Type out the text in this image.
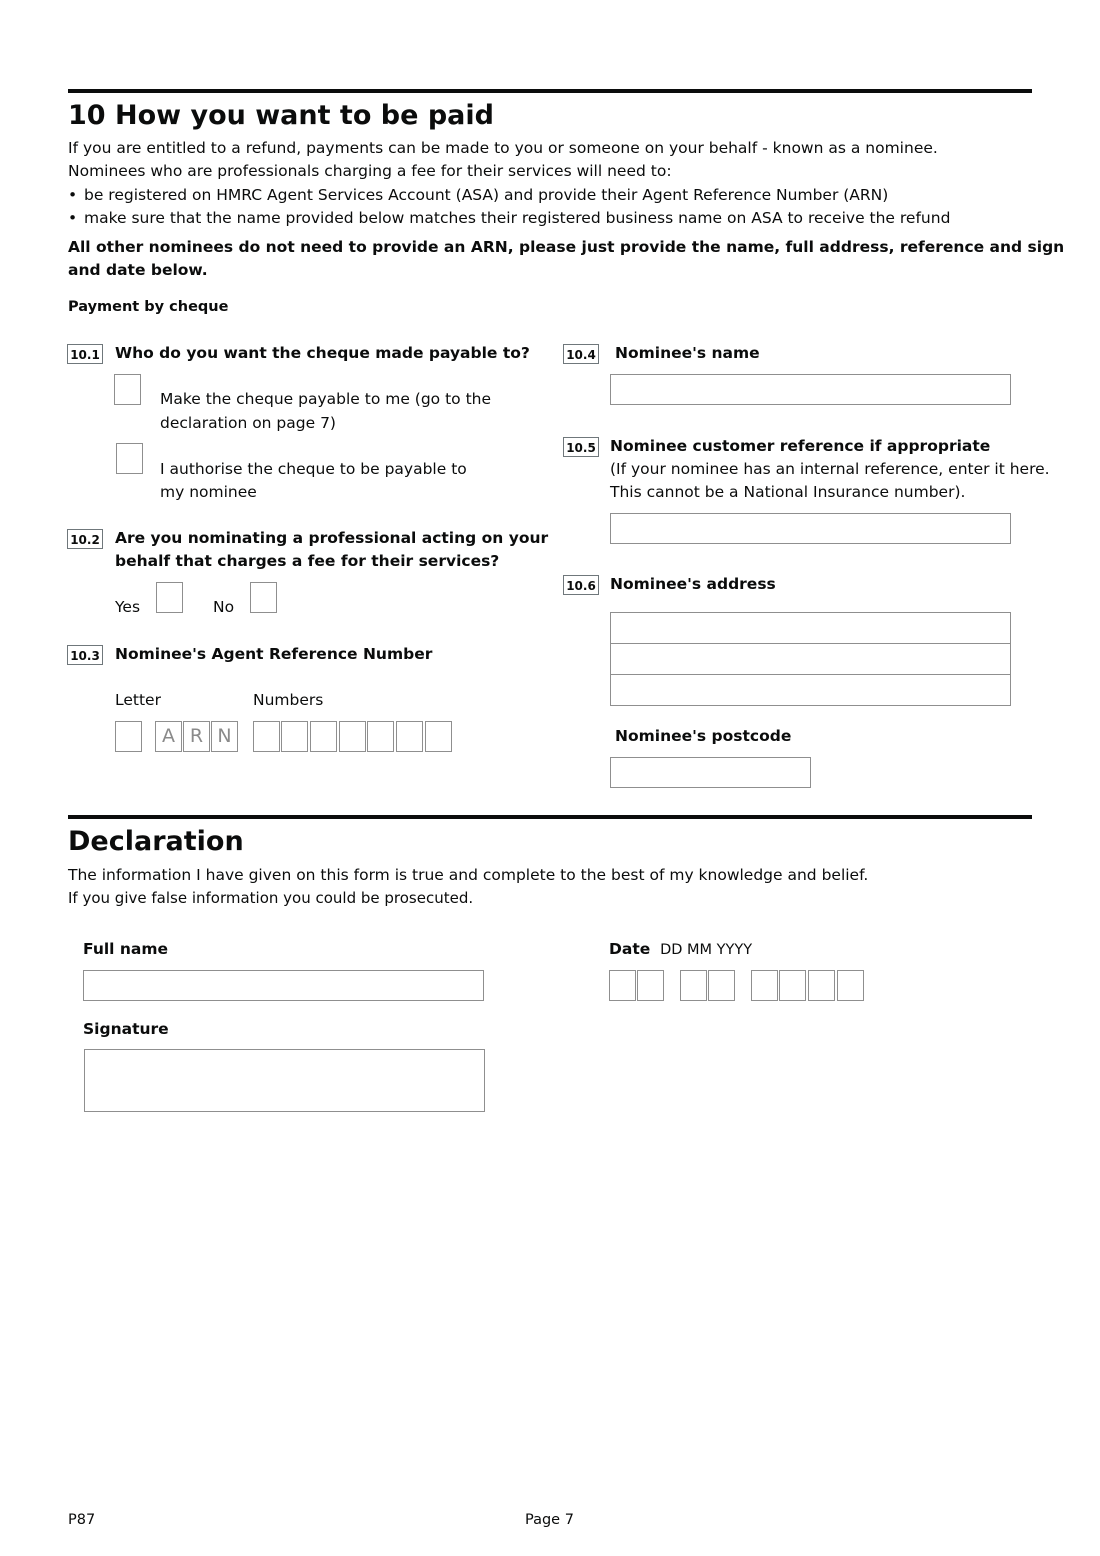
10 How you want to be paid
If you are entitled to a refund, payments can be made to you or someone on your behalf - known as a nominee.
Nominees who are professionals charging a fee for their services will need to:
• be registered on HMRC Agent Services Account (ASA) and provide their Agent Reference Number (ARN)
• make sure that the name provided below matches their registered business name on ASA to receive the refund
All other nominees do not need to provide an ARN, please just provide the name, full address, reference and sign
and date below.
Payment by cheque
10.1 Who do you want the cheque made payable to?
Make the cheque payable to me (go to the
declaration on page 7)
I authorise the cheque to be payable to
my nominee
10.2 Are you nominating a professional acting on your
behalf that charges a fee for their services?
Yes	No
10.3 Nominee's Agent Reference Number
Letter	Numbers
A R N
10.4 Nominee's name
10.5 Nominee customer reference if appropriate
(If your nominee has an internal reference, enter it here.
This cannot be a National Insurance number).
10.6 Nominee's address
Nominee's postcode
Declaration
The information I have given on this form is true and complete to the best of my knowledge and belief.
If you give false information you could be prosecuted.
Full name	Date DD MM YYYY
Signature
P87	Page 7
